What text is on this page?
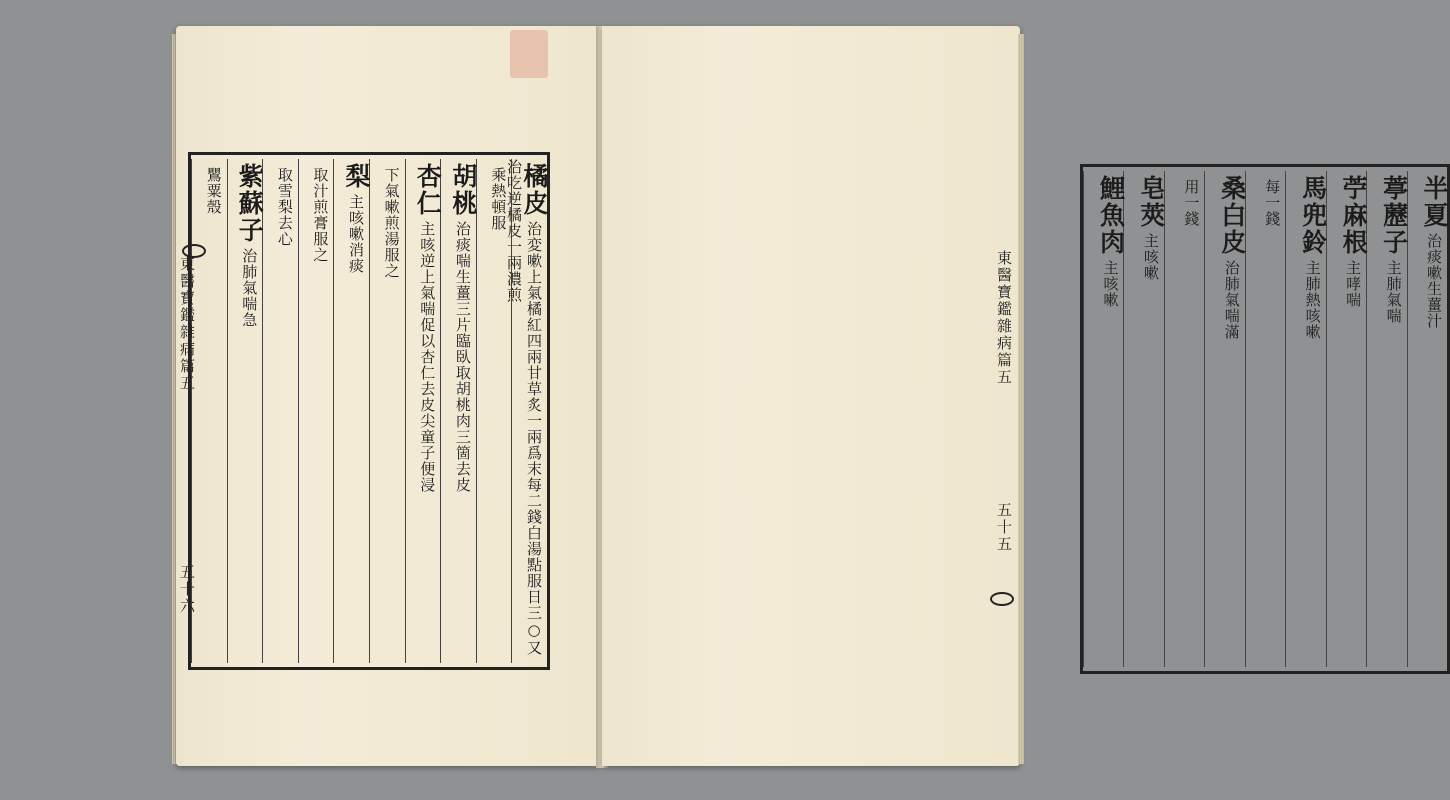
橘皮治変嗽上氣橘紅四兩甘草炙一兩爲末每二錢白湯點服日三○又治吃逆橘皮一兩濃煎
乘熱頓服
胡桃治痰喘生薑三片臨臥取胡桃肉三箇去皮
杏仁主咳逆上氣喘促以杏仁去皮尖童子便浸
下氣嗽煎湯服之
梨主咳嗽消痰
取汁煎膏服之
取雪梨去心
紫蘇子治肺氣喘急
鸎粟殼
東醫寶鑑雜病篇五
五十六
半夏治痰嗽生薑汁
葶藶子主肺氣喘
苧麻根主哮喘
馬兜鈴主肺熱咳嗽
每一錢
桑白皮治肺氣喘滿
用一錢
皂莢主咳嗽
鯉魚肉主咳嗽
東醫寶鑑雜病篇五
五十五
